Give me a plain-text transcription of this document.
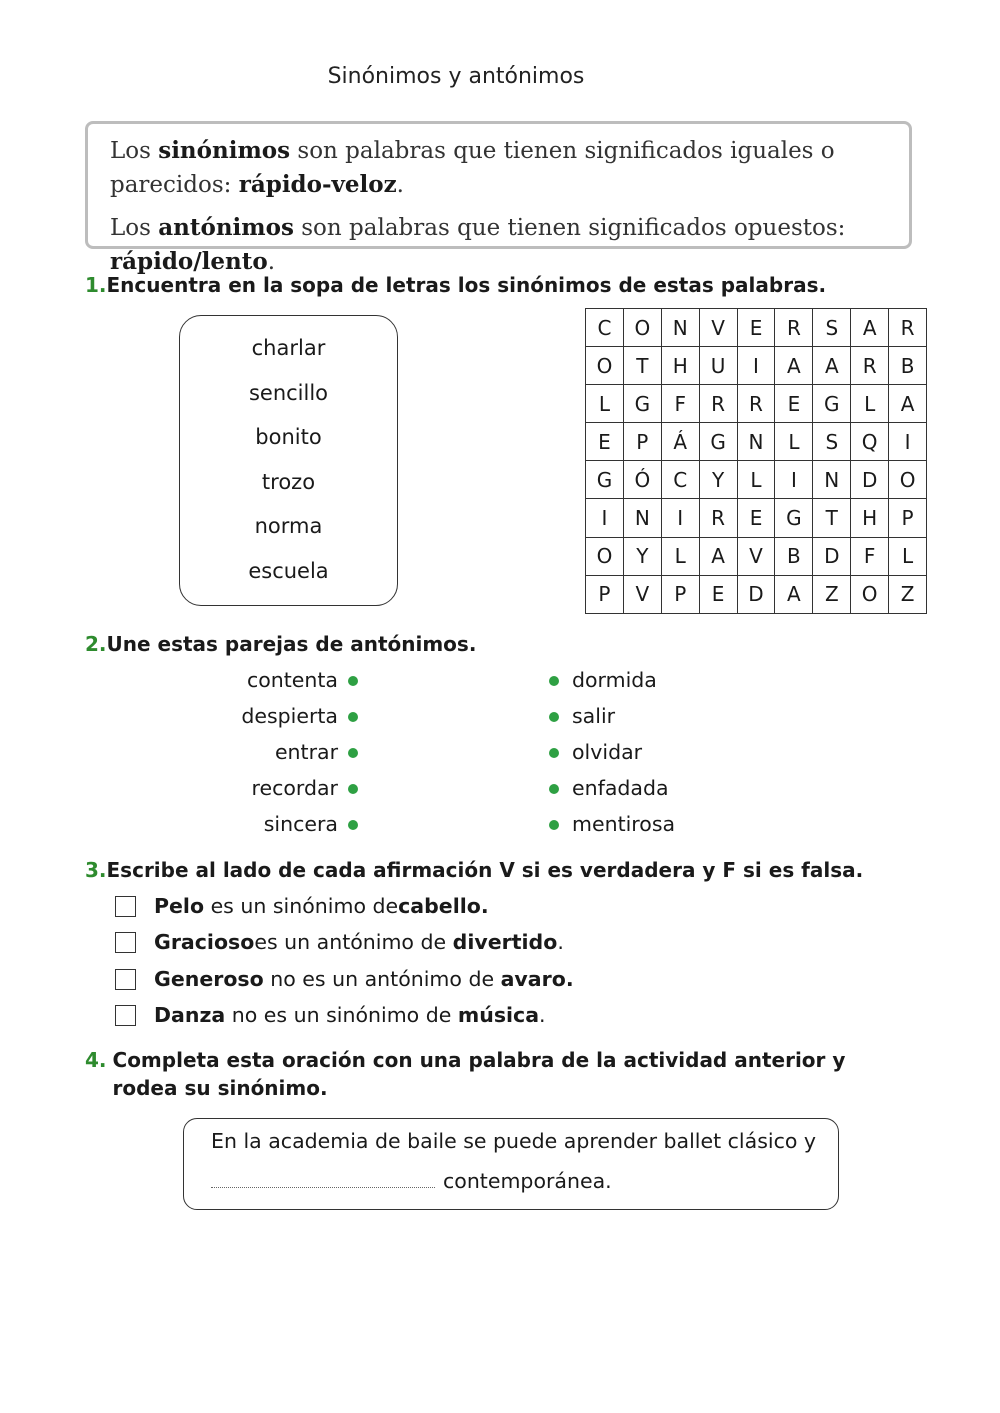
Sinónimos y antónimos

Los sinónimos son palabras que tienen significados iguales o parecidos: rápido-veloz.

Los antónimos son palabras que tienen significados opuestos: rápido/lento.

1.Encuentra en la sopa de letras los sinónimos de estas palabras.
charlar
sencillo
bonito
trozo
norma
escuela
C	O	N	V	E	R	S	A	R
O	T	H	U	I	A	A	R	B
L	G	F	R	R	E	G	L	A
E	P	Á	G	N	L	S	Q	I
G	Ó	C	Y	L	I	N	D	O
I	N	I	R	E	G	T	H	P
O	Y	L	A	V	B	D	F	L
P	V	P	E	D	A	Z	O	Z
2.Une estas parejas de antónimos.
contenta
despierta
entrar
recordar
sincera
dormida
salir
olvidar
enfadada
mentirosa
3.Escribe al lado de cada afirmación V si es verdadera y F si es falsa.
Pelo es un sinónimo decabello.
Graciosoes un antónimo de divertido.
Generoso no es un antónimo de avaro.
Danza no es un sinónimo de música.
4. Completa esta oración con una palabra de la actividad anterior y rodea su sinónimo.
En la academia de baile se puede aprender ballet clásico y
contemporánea.
